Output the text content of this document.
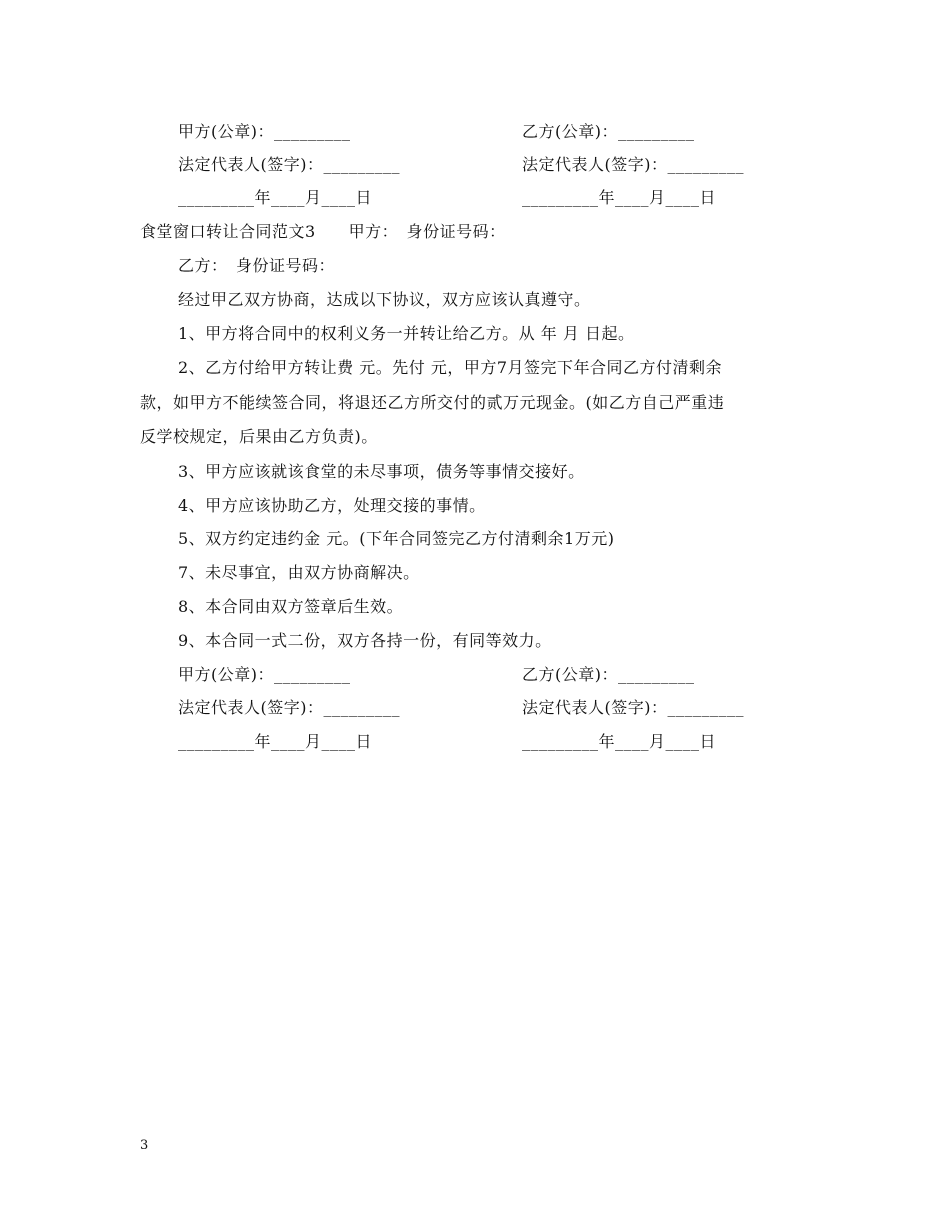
甲方(公章)：_________	乙方(公章)：_________
法定代表人(签字)：_________	法定代表人(签字)：_________
_________年____月____日	_________年____月____日
食堂窗口转让合同范文3　　甲方：　身份证号码：
乙方：　身份证号码：
经过甲乙双方协商，达成以下协议，双方应该认真遵守。
1、甲方将合同中的权利义务一并转让给乙方。从 年 月 日起。
2、乙方付给甲方转让费 元。先付 元，甲方7月签完下年合同乙方付清剩余
款，如甲方不能续签合同，将退还乙方所交付的贰万元现金。(如乙方自己严重违
反学校规定，后果由乙方负责)。
3、甲方应该就该食堂的未尽事项，债务等事情交接好。
4、甲方应该协助乙方，处理交接的事情。
5、双方约定违约金 元。(下年合同签完乙方付清剩余1万元)
7、未尽事宜，由双方协商解决。
8、本合同由双方签章后生效。
9、本合同一式二份，双方各持一份，有同等效力。
甲方(公章)：_________	乙方(公章)：_________
法定代表人(签字)：_________	法定代表人(签字)：_________
_________年____月____日	_________年____月____日
3
